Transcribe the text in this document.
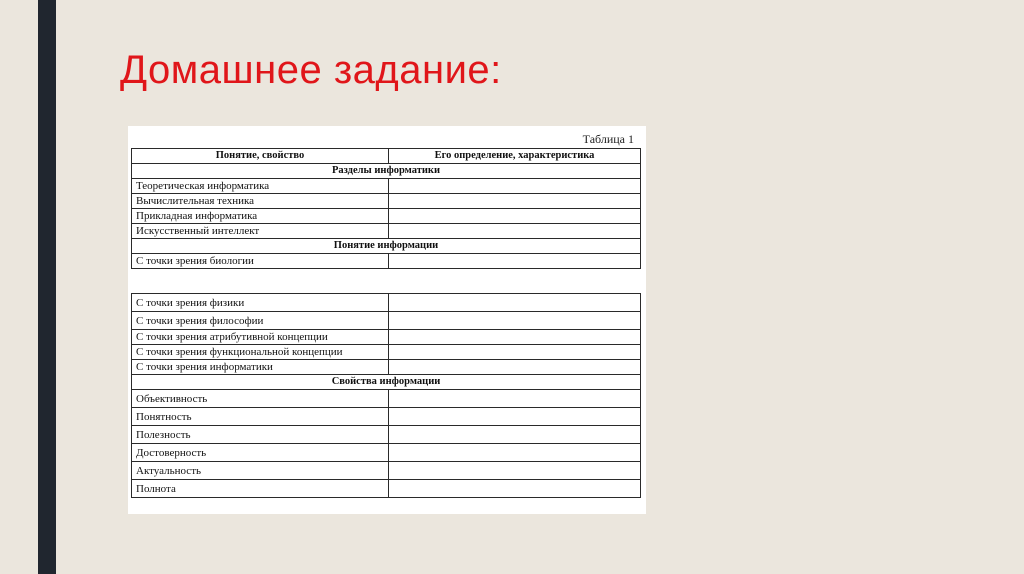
Домашнее задание:
Таблица 1
Понятие, свойство	Его определение, характеристика
Разделы информатики	
Теоретическая информатика	
Вычислительная техника	
Прикладная информатика	
Искусственный интеллект	
Понятие информации	
С точки зрения биологии	
С точки зрения физики	
С точки зрения философии	
С точки зрения атрибутивной концепции	
С точки зрения функциональной концепции	
С точки зрения информатики	
Свойства информации	
Объективность	
Понятность	
Полезность	
Достоверность	
Актуальность	
Полнота	
